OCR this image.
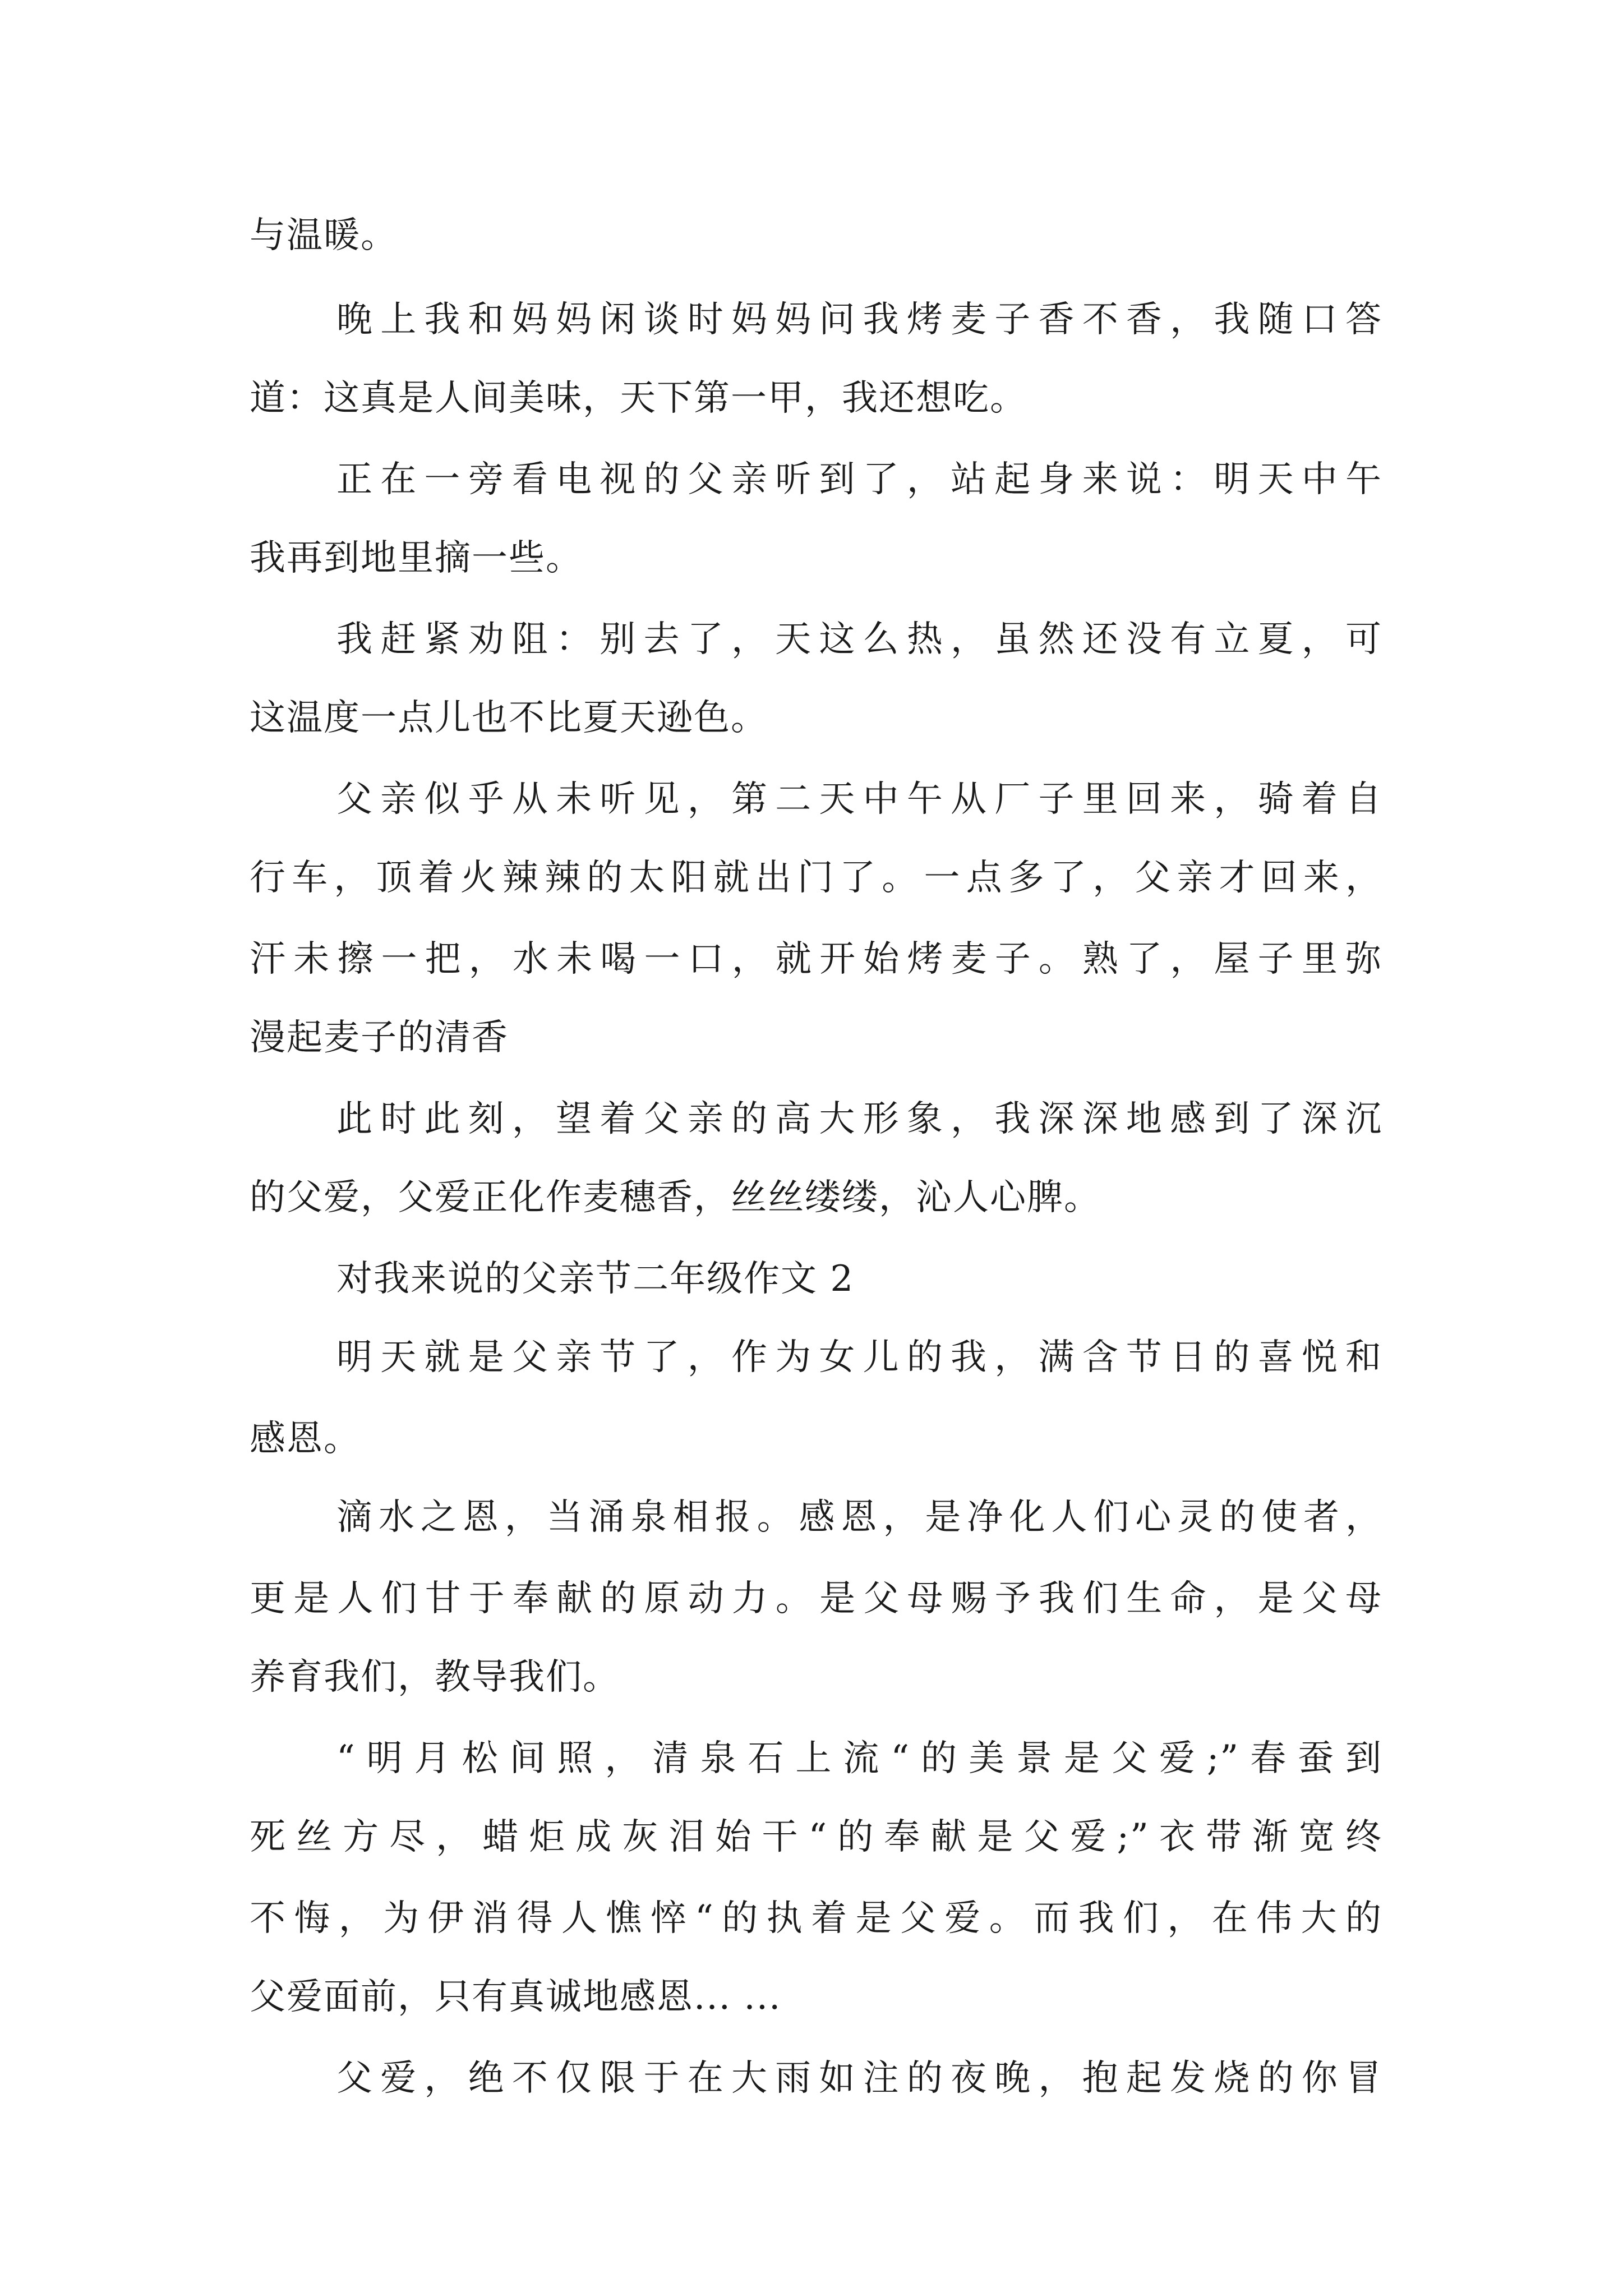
与温暖。
晚上我和妈妈闲谈时妈妈问我烤麦子香不香，我随口答
道：这真是人间美味，天下第一甲，我还想吃。
正在一旁看电视的父亲听到了，站起身来说：明天中午
我再到地里摘一些。
我赶紧劝阻：别去了，天这么热，虽然还没有立夏，可
这温度一点儿也不比夏天逊色。
父亲似乎从未听见，第二天中午从厂子里回来，骑着自
行车，顶着火辣辣的太阳就出门了。一点多了，父亲才回来，
汗未擦一把，水未喝一口，就开始烤麦子。熟了，屋子里弥
漫起麦子的清香
此时此刻，望着父亲的高大形象，我深深地感到了深沉
的父爱，父爱正化作麦穗香，丝丝缕缕，沁人心脾。
对我来说的父亲节二年级作文 2
明天就是父亲节了，作为女儿的我，满含节日的喜悦和
感恩。
滴水之恩，当涌泉相报。感恩，是净化人们心灵的使者，
更是人们甘于奉献的原动力。是父母赐予我们生命，是父母
养育我们，教导我们。
“明月松间照，清泉石上流“的美景是父爱;”春蚕到
死丝方尽，蜡炬成灰泪始干“的奉献是父爱;”衣带渐宽终
不悔，为伊消得人憔悴“的执着是父爱。而我们，在伟大的
父爱面前，只有真诚地感恩... ...
父爱，绝不仅限于在大雨如注的夜晚，抱起发烧的你冒
